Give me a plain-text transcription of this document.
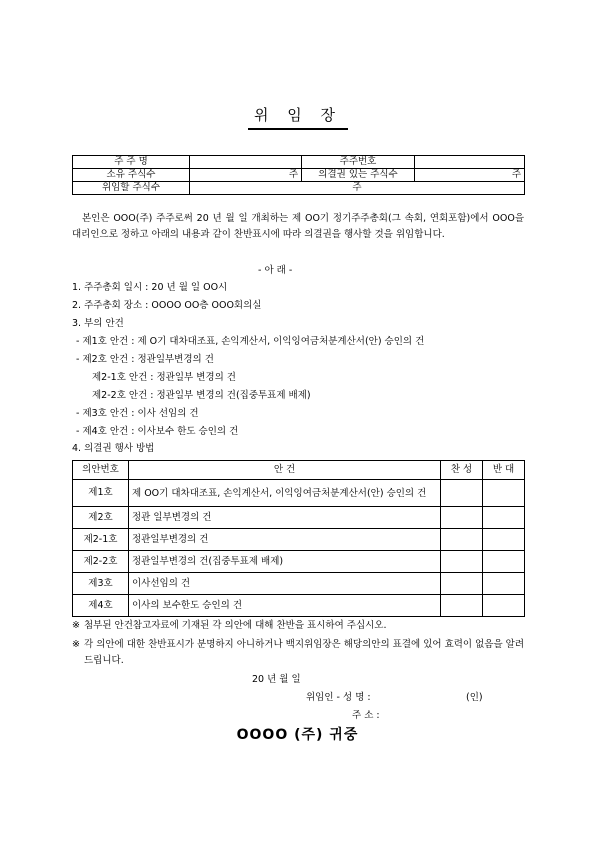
위 임 장
주 주 명		주주번호	
소유 주식수	주	의결권 있는 주식수	주
위임할 주식수	주		
본인은 OOO(주) 주주로써 20 년 월 일 개최하는 제 OO기 정기주주총회(그 속회, 연회포함)에서 OOO을 대리인으로 정하고 아래의 내용과 같이 찬반표시에 따라 의결권을 행사할 것을 위임합니다.
- 아 래 -
1. 주주총회 일시 : 20 년 월 일 OO시
2. 주주총회 장소 : OOOO OO층 OOO회의실
3. 부의 안건
- 제1호 안건 : 제 O기 대차대조표, 손익계산서, 이익잉여금처분계산서(안) 승인의 건
- 제2호 안건 : 정관일부변경의 건
제2-1호 안건 : 정관일부 변경의 건
제2-2호 안건 : 정관일부 변경의 건(집중투표제 배제)
- 제3호 안건 : 이사 선임의 건
- 제4호 안건 : 이사보수 한도 승인의 건
4. 의결권 행사 방법
의안번호	안 건	찬 성	반 대
제1호	제 OO기 대차대조표, 손익계산서, 이익잉여금처분계산서(안) 승인의 건		
제2호	정관 일부변경의 건		
제2-1호	정관일부변경의 건		
제2-2호	정관일부변경의 건(집중투표제 배제)		
제3호	이사선임의 건		
제4호	이사의 보수한도 승인의 건		
※ 첨부된 안건참고자료에 기재된 각 의안에 대해 찬반을 표시하여 주십시오.
※ 각 의안에 대한 찬반표시가 분명하지 아니하거나 백지위임장은 해당의안의 표결에 있어 효력이 없음을 알려드립니다.
20 년 월 일
위임인 - 성 명 :	(인)
주 소 :
OOOO (주) 귀중
